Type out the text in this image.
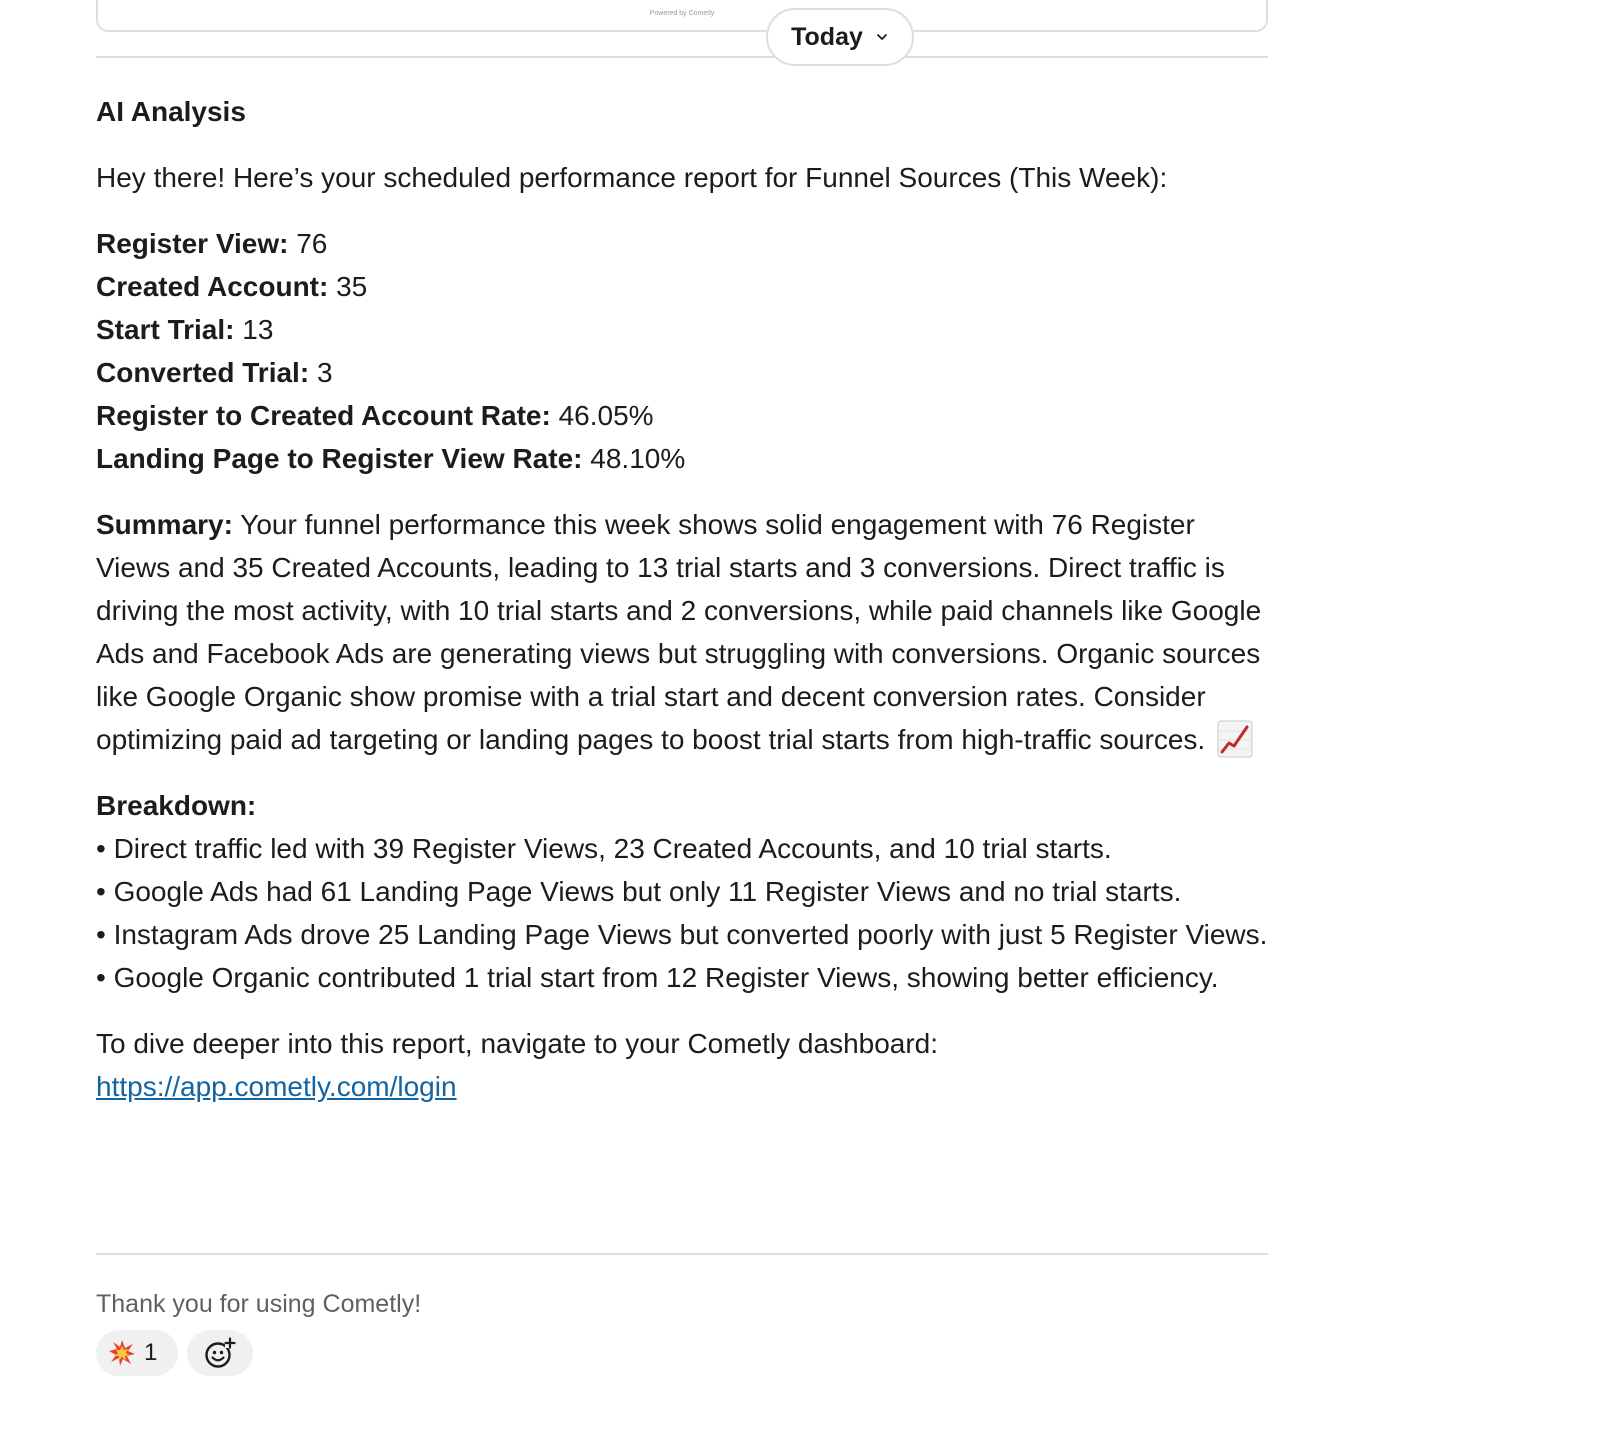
Powered by Cometly
Today

AI Analysis

Hey there! Here’s your scheduled performance report for Funnel Sources (This Week):

Register View: 76

Created Account: 35

Start Trial: 13

Converted Trial: 3

Register to Created Account Rate: 46.05%

Landing Page to Register View Rate: 48.10%

Summary: Your funnel performance this week shows solid engagement with 76 Register Views and 35 Created Accounts, leading to 13 trial starts and 3 conversions. Direct traffic is driving the most activity, with 10 trial starts and 2 conversions, while paid channels like Google Ads and Facebook Ads are generating views but struggling with conversions. Organic sources like Google Organic show promise with a trial start and decent conversion rates. Consider optimizing paid ad targeting or landing pages to boost trial starts from high-traffic sources.

Breakdown:

• Direct traffic led with 39 Register Views, 23 Created Accounts, and 10 trial starts.

• Google Ads had 61 Landing Page Views but only 11 Register Views and no trial starts.

• Instagram Ads drove 25 Landing Page Views but converted poorly with just 5 Register Views.

• Google Organic contributed 1 trial start from 12 Register Views, showing better efficiency.

To dive deeper into this report, navigate to your Cometly dashboard:

https://app.cometly.com/login

Thank you for using Cometly!
1
